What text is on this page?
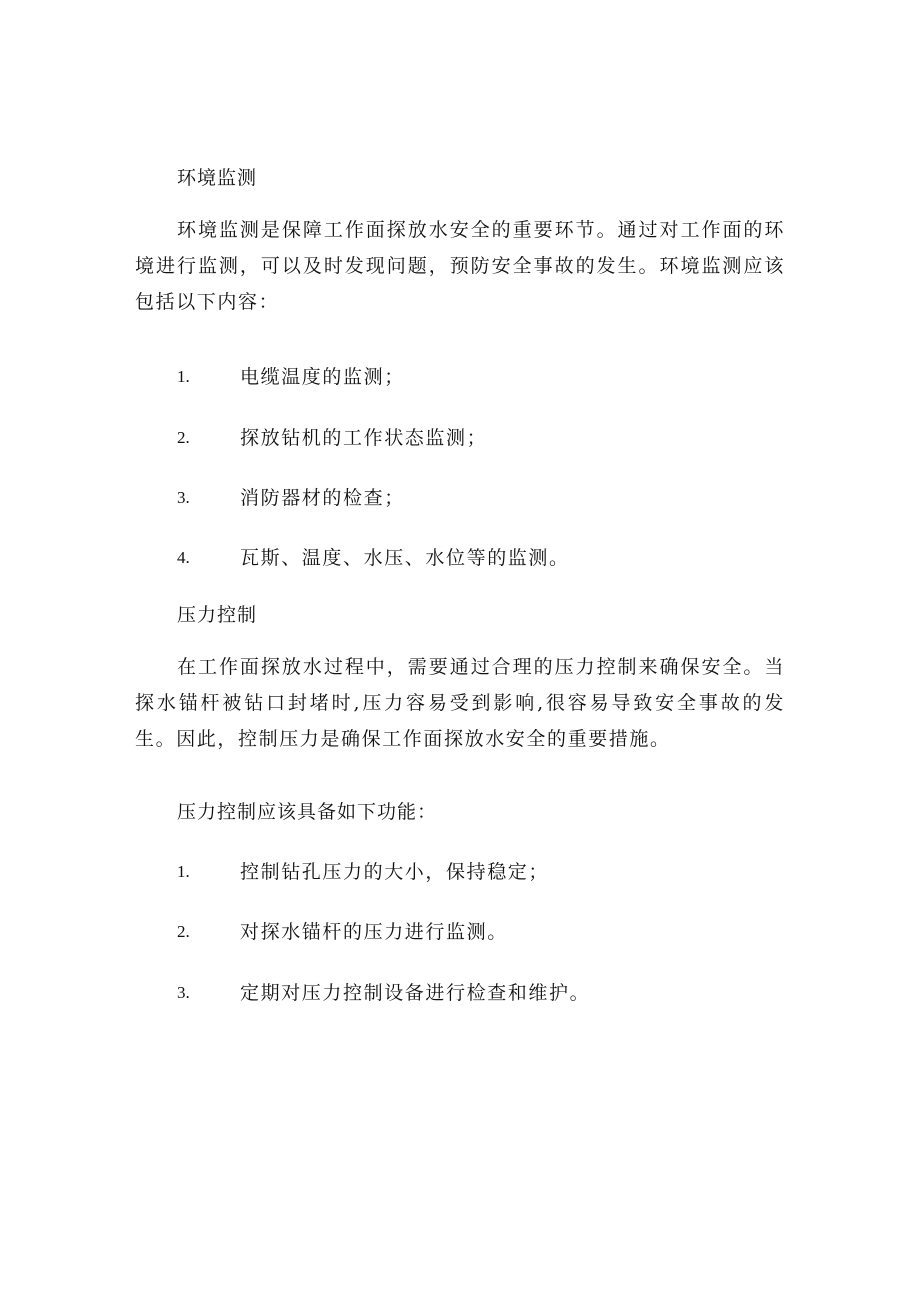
环境监测
环境监测是保障工作面探放水安全的重要环节。通过对工作面的环境进行监测，可以及时发现问题，预防安全事故的发生。环境监测应该包括以下内容：
1.	电缆温度的监测；
2.	探放钻机的工作状态监测；
3.	消防器材的检查；
4.	瓦斯、温度、水压、水位等的监测。
压力控制
在工作面探放水过程中，需要通过合理的压力控制来确保安全。当探水锚杆被钻口封堵时,压力容易受到影响,很容易导致安全事故的发生。因此，控制压力是确保工作面探放水安全的重要措施。
压力控制应该具备如下功能：
1.	控制钻孔压力的大小，保持稳定；
2.	对探水锚杆的压力进行监测。
3.	定期对压力控制设备进行检查和维护。
